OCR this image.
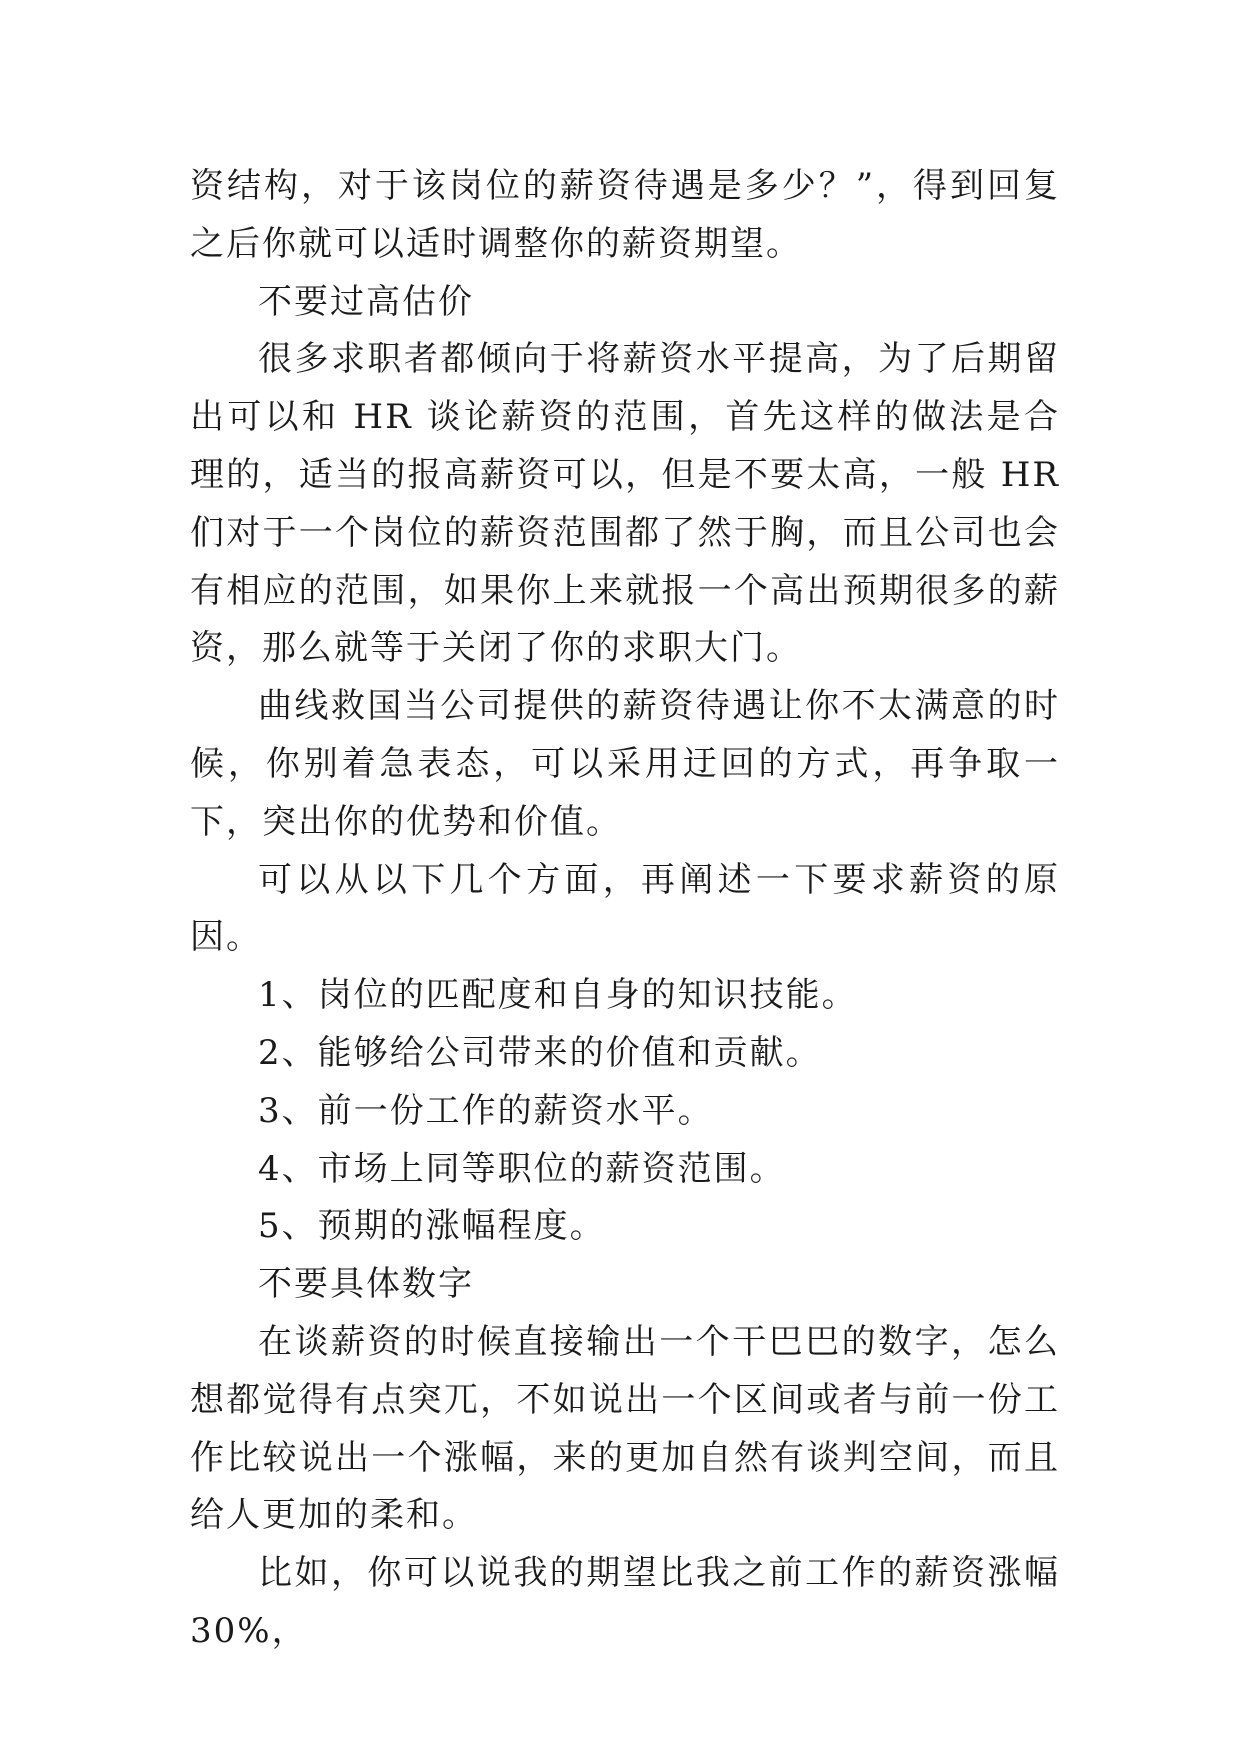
资结构，对于该岗位的薪资待遇是多少？”，得到回复之后你就可以适时调整你的薪资期望。

不要过高估价

很多求职者都倾向于将薪资水平提高，为了后期留出可以和 HR 谈论薪资的范围，首先这样的做法是合理的，适当的报高薪资可以，但是不要太高，一般 HR 们对于一个岗位的薪资范围都了然于胸，而且公司也会有相应的范围，如果你上来就报一个高出预期很多的薪资，那么就等于关闭了你的求职大门。

曲线救国当公司提供的薪资待遇让你不太满意的时候，你别着急表态，可以采用迂回的方式，再争取一下，突出你的优势和价值。

可以从以下几个方面，再阐述一下要求薪资的原因。

1、岗位的匹配度和自身的知识技能。

2、能够给公司带来的价值和贡献。

3、前一份工作的薪资水平。

4、市场上同等职位的薪资范围。

5、预期的涨幅程度。

不要具体数字

在谈薪资的时候直接输出一个干巴巴的数字，怎么想都觉得有点突兀，不如说出一个区间或者与前一份工作比较说出一个涨幅，来的更加自然有谈判空间，而且给人更加的柔和。

比如，你可以说我的期望比我之前工作的薪资涨幅 30%，
